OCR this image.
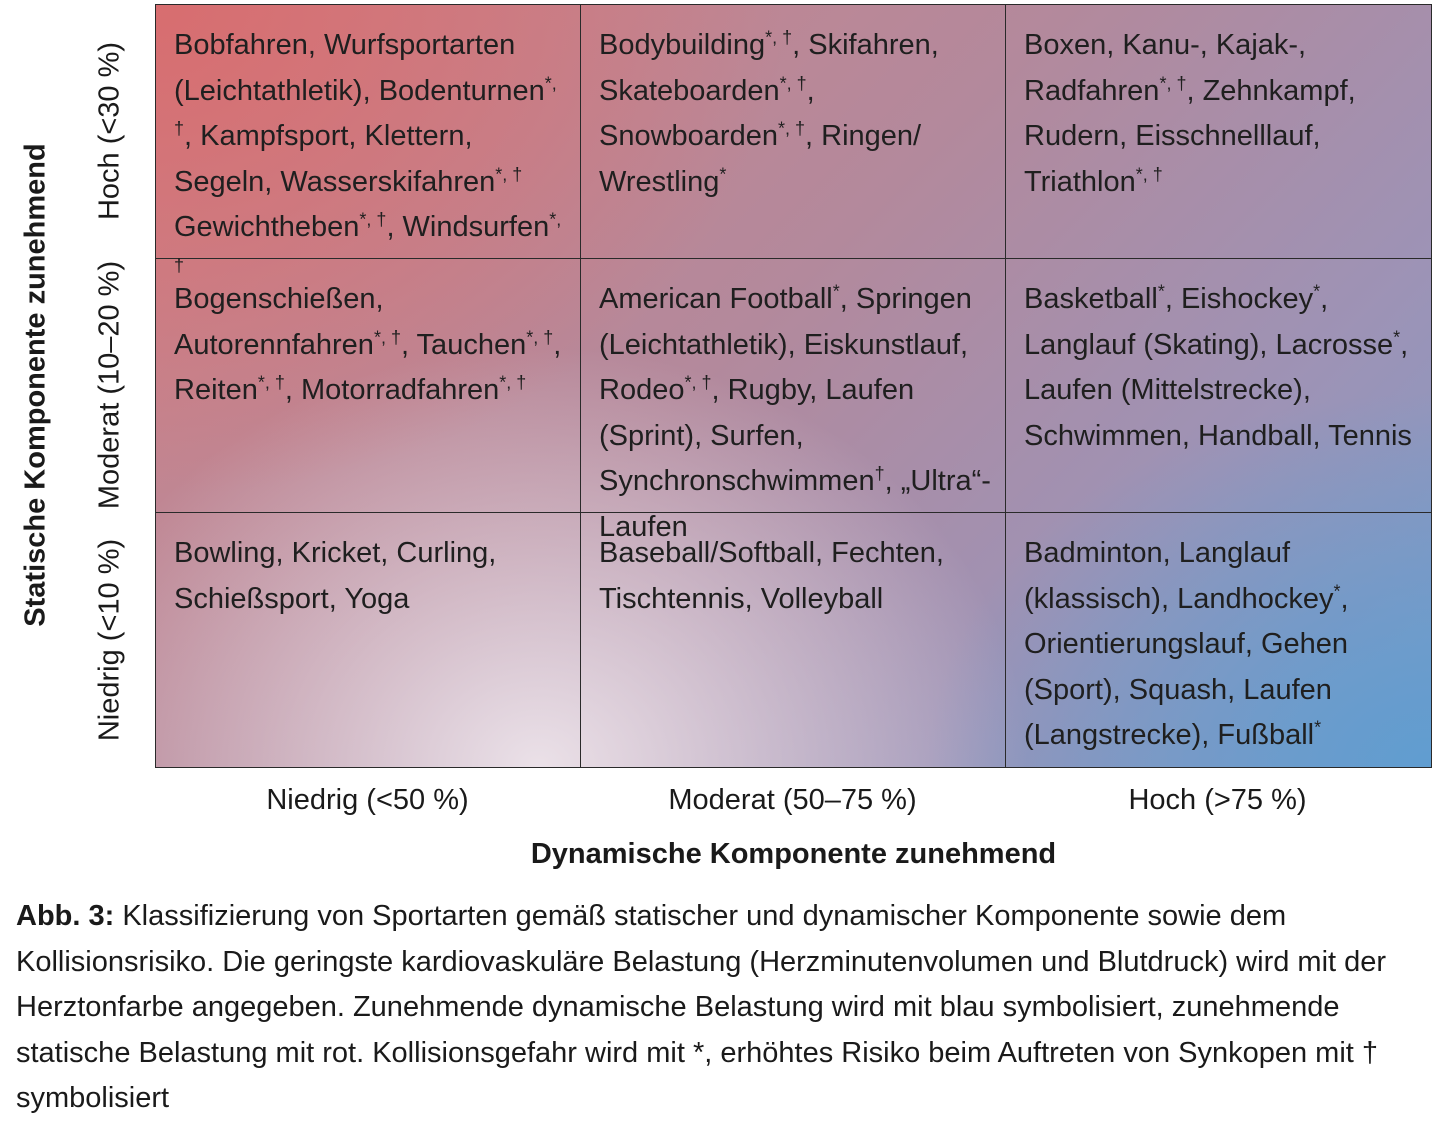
Statische Komponente zunehmend
Hoch (<30 %)
Moderat (10–20 %)
Niedrig (<10 %)
Bobfahren, Wurfsportarten (Leichtathletik), Bodenturnen*, †, Kampfsport, Klettern, Segeln, Wasserskifahren*, † Gewichtheben*, †, Windsurfen*, †
Bodybuilding*, †, Skifahren, Skateboarden*, †, Snowboarden*, †, Ringen/ Wrestling*
Boxen, Kanu-, Kajak-, Radfahren*, †, Zehnkampf, Rudern, Eisschnelllauf, Triathlon*, †
Bogenschießen, Autorennfahren*, †, Tauchen*, †, Reiten*, †, Motorradfahren*, †
American Football*, Springen (Leichtathletik), Eiskunstlauf, Rodeo*, †, Rugby, Laufen (Sprint), Surfen, Synchronschwimmen†, „Ultra“-Laufen
Basketball*, Eishockey*, Langlauf (Skating), Lacrosse*, Laufen (Mittelstrecke), Schwimmen, Handball, Tennis
Bowling, Kricket, Curling, Schießsport, Yoga
Baseball/Softball, Fechten, Tischtennis, Volleyball
Badminton, Langlauf (klassisch), Landhockey*, Orientierungslauf, Gehen (Sport), Squash, Laufen (Langstrecke), Fußball*
Niedrig (<50 %)	Moderat (50–75 %)	Hoch (>75 %)
Dynamische Komponente zunehmend
Abb. 3: Klassifizierung von Sportarten gemäß statischer und dynamischer Komponente sowie dem Kollisionsrisiko. Die geringste kardiovaskuläre Belastung (Herzminutenvolumen und Blutdruck) wird mit der Herztonfarbe angegeben. Zunehmende dynamische Belastung wird mit blau symbolisiert, zunehmende statische Belastung mit rot. Kollisionsgefahr wird mit *, erhöhtes Risiko beim Auftreten von Synkopen mit † symbolisiert
